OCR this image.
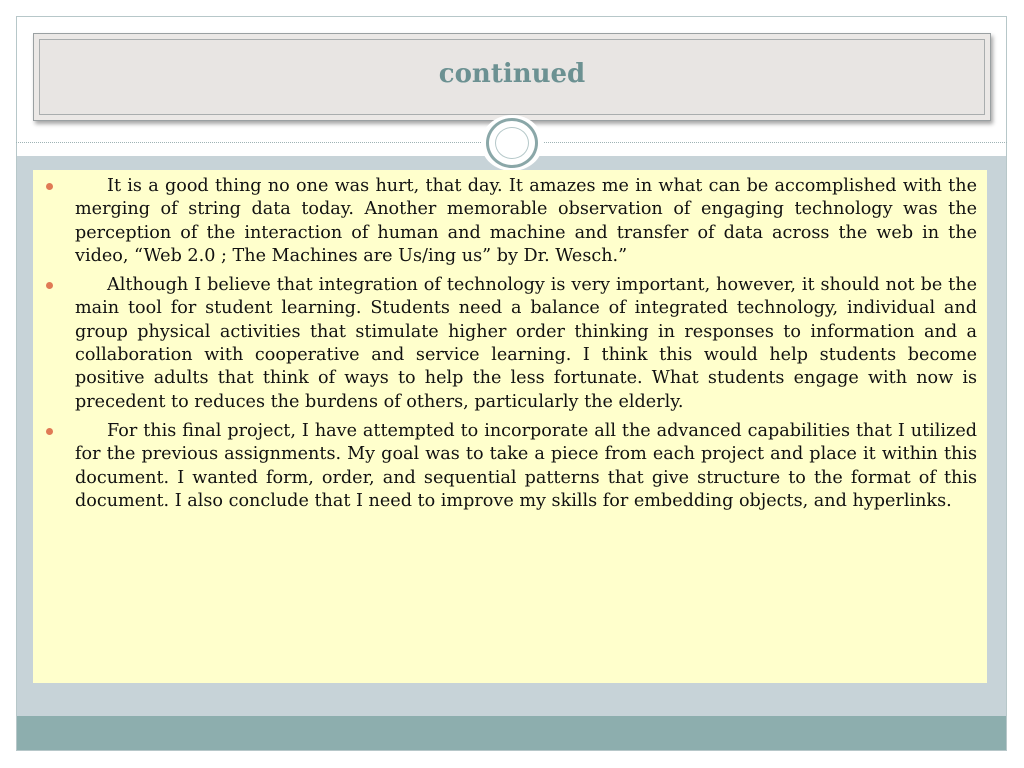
continued
It is a good thing no one was hurt, that day. It amazes me in what can be accomplished with the merging of string data today. Another memorable observation of engaging technology was the perception of the interaction of human and machine and transfer of data across the web in the video, “Web 2.0 ; The Machines are Us/ing us” by Dr. Wesch.”
Although I believe that integration of technology is very important, however, it should not be the main tool for student learning. Students need a balance of integrated technology, individual and group physical activities that stimulate higher order thinking in responses to information and a collaboration with cooperative and service learning. I think this would help students become positive adults that think of ways to help the less fortunate. What students engage with now is precedent to reduces the burdens of others, particularly the elderly.
For this final project, I have attempted to incorporate all the advanced capabilities that I utilized for the previous assignments. My goal was to take a piece from each project and place it within this document. I wanted form, order, and sequential patterns that give structure to the format of this document. I also conclude that I need to improve my skills for embedding objects, and hyperlinks.
